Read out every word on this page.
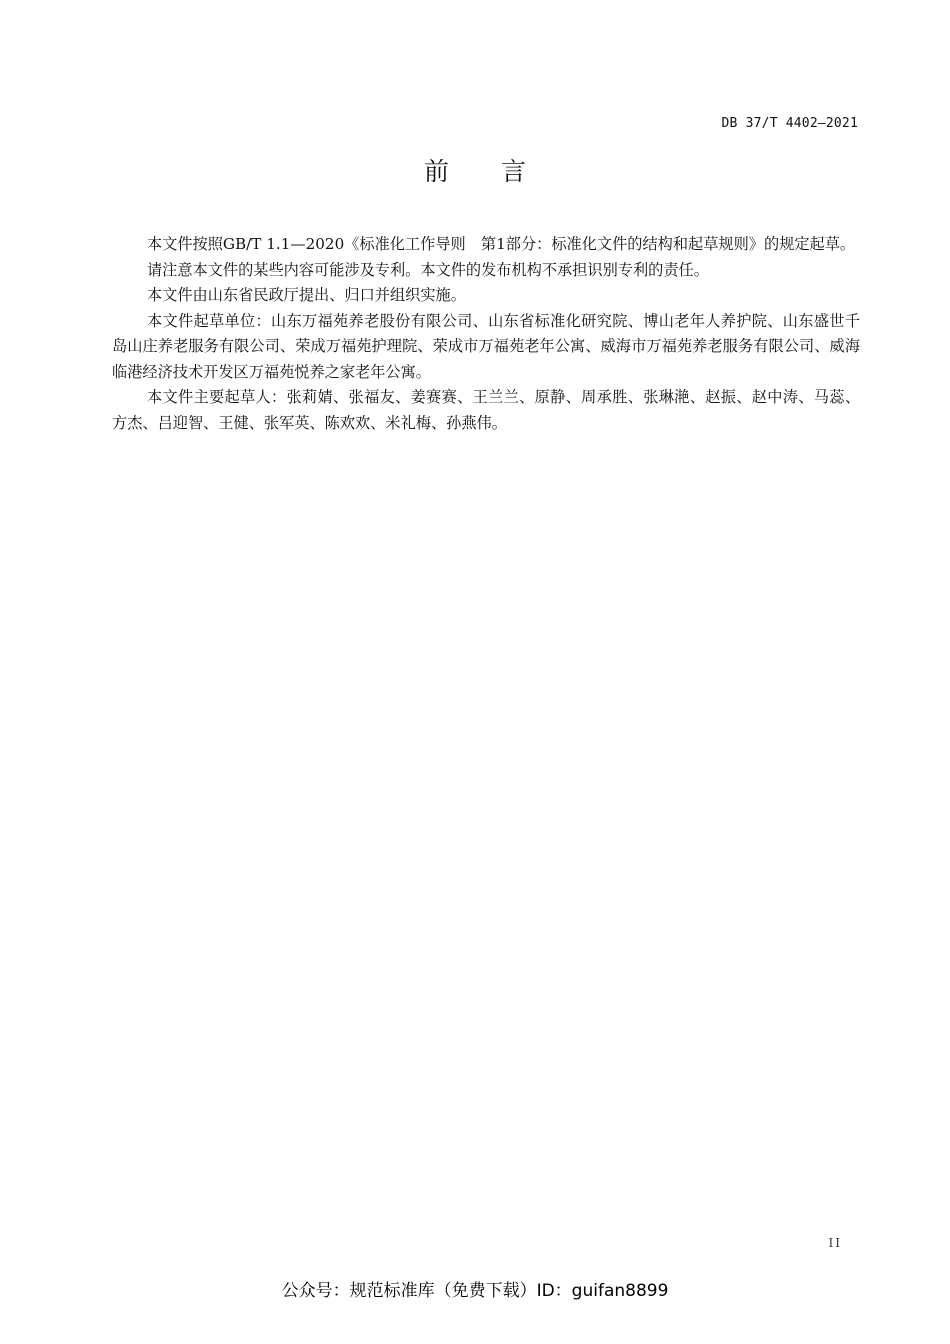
DB 37/T 4402—2021
前言

本文件按照GB/T 1.1—2020《标准化工作导则　第1部分：标准化文件的结构和起草规则》的规定起草。

请注意本文件的某些内容可能涉及专利。本文件的发布机构不承担识别专利的责任。

本文件由山东省民政厅提出、归口并组织实施。

本文件起草单位：山东万福苑养老股份有限公司、山东省标准化研究院、博山老年人养护院、山东盛世千岛山庄养老服务有限公司、荣成万福苑护理院、荣成市万福苑老年公寓、威海市万福苑养老服务有限公司、威海临港经济技术开发区万福苑悦养之家老年公寓。

本文件主要起草人：张莉婧、张福友、姜赛赛、王兰兰、原静、周承胜、张琳滟、赵振、赵中涛、马蕊、方杰、吕迎智、王健、张军英、陈欢欢、米礼梅、孙燕伟。

II
公众号：规范标准库（免费下载）ID：guifan8899
